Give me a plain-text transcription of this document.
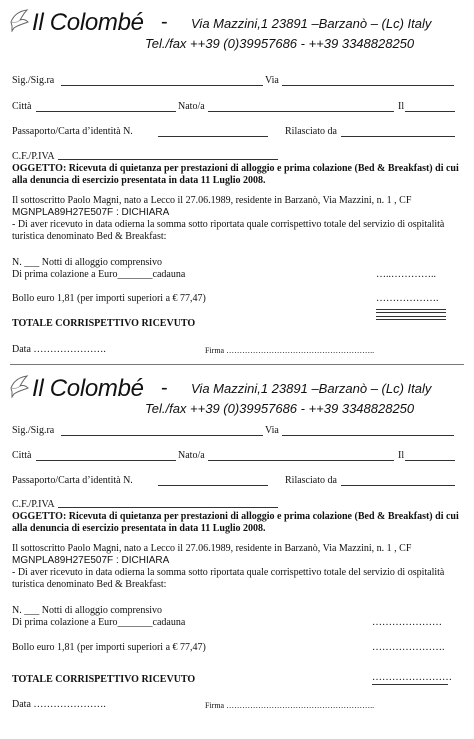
Il Colombé - Via Mazzini,1 23891 –Barzanò – (Lc) Italy
Tel./fax ++39 (0)39957686 - ++39 3348828250
Sig./Sig.ra	Via
Città	Nato/a	Il
Passaporto/Carta d’identità N.	Rilasciato da
C.F./P.IVA
OGGETTO: Ricevuta di quietanza per prestazioni di alloggio e prima colazione (Bed & Breakfast) di cui alla denuncia di esercizio presentata in data 11 Luglio 2008.
Il sottoscritto Paolo Magni, nato a Lecco il 27.06.1989, residente in Barzanò, Via Mazzini, n. 1 , CF
MGNPLA89H27E507F : DICHIARA
- Di aver ricevuto in data odierna la somma sotto riportata quale corrispettivo totale del servizio di ospitalità turistica denominato Bed & Breakfast:
N. ___ Notti di alloggio comprensivo
Di prima colazione a Euro_______cadauna	…..…………..
Bollo euro 1,81 (per importi superiori a € 77,47)	……………….
TOTALE CORRISPETTIVO RICEVUTO
Data ………………….	Firma ………………………………………………..
Il Colombé - Via Mazzini,1 23891 –Barzanò – (Lc) Italy
Tel./fax ++39 (0)39957686 - ++39 3348828250
Sig./Sig.ra	Via
Città	Nato/a	Il
Passaporto/Carta d’identità N.	Rilasciato da
C.F./P.IVA
OGGETTO: Ricevuta di quietanza per prestazioni di alloggio e prima colazione (Bed & Breakfast) di cui alla denuncia di esercizio presentata in data 11 Luglio 2008.
Il sottoscritto Paolo Magni, nato a Lecco il 27.06.1989, residente in Barzanò, Via Mazzini, n. 1 , CF
MGNPLA89H27E507F : DICHIARA
- Di aver ricevuto in data odierna la somma sotto riportata quale corrispettivo totale del servizio di ospitalità turistica denominato Bed & Breakfast:
N. ___ Notti di alloggio comprensivo
Di prima colazione a Euro_______cadauna	…………………
Bollo euro 1,81 (per importi superiori a € 77,47)	………………….
TOTALE CORRISPETTIVO RICEVUTO	……………………
Data ………………….	Firma ………………………………………………..
